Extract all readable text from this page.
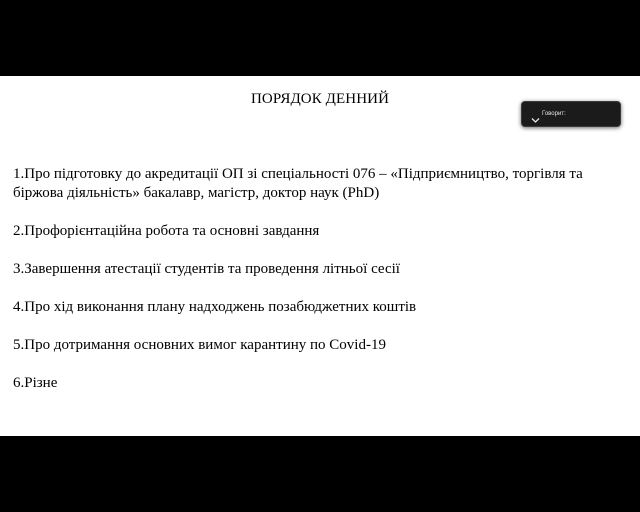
ПОРЯДОК ДЕННИЙ
1.Про підготовку до акредитації ОП зі спеціальності 076 – «Підприємництво, торгівля та біржова діяльність» бакалавр, магістр, доктор наук (PhD)
2.Профорієнтаційна робота та основні завдання
3.Завершення атестації студентів та проведення літньої сесії
4.Про хід виконання плану надходжень позабюджетних коштів
5.Про дотримання основних вимог карантину по Covid-19
6.Різне
Говорит:
